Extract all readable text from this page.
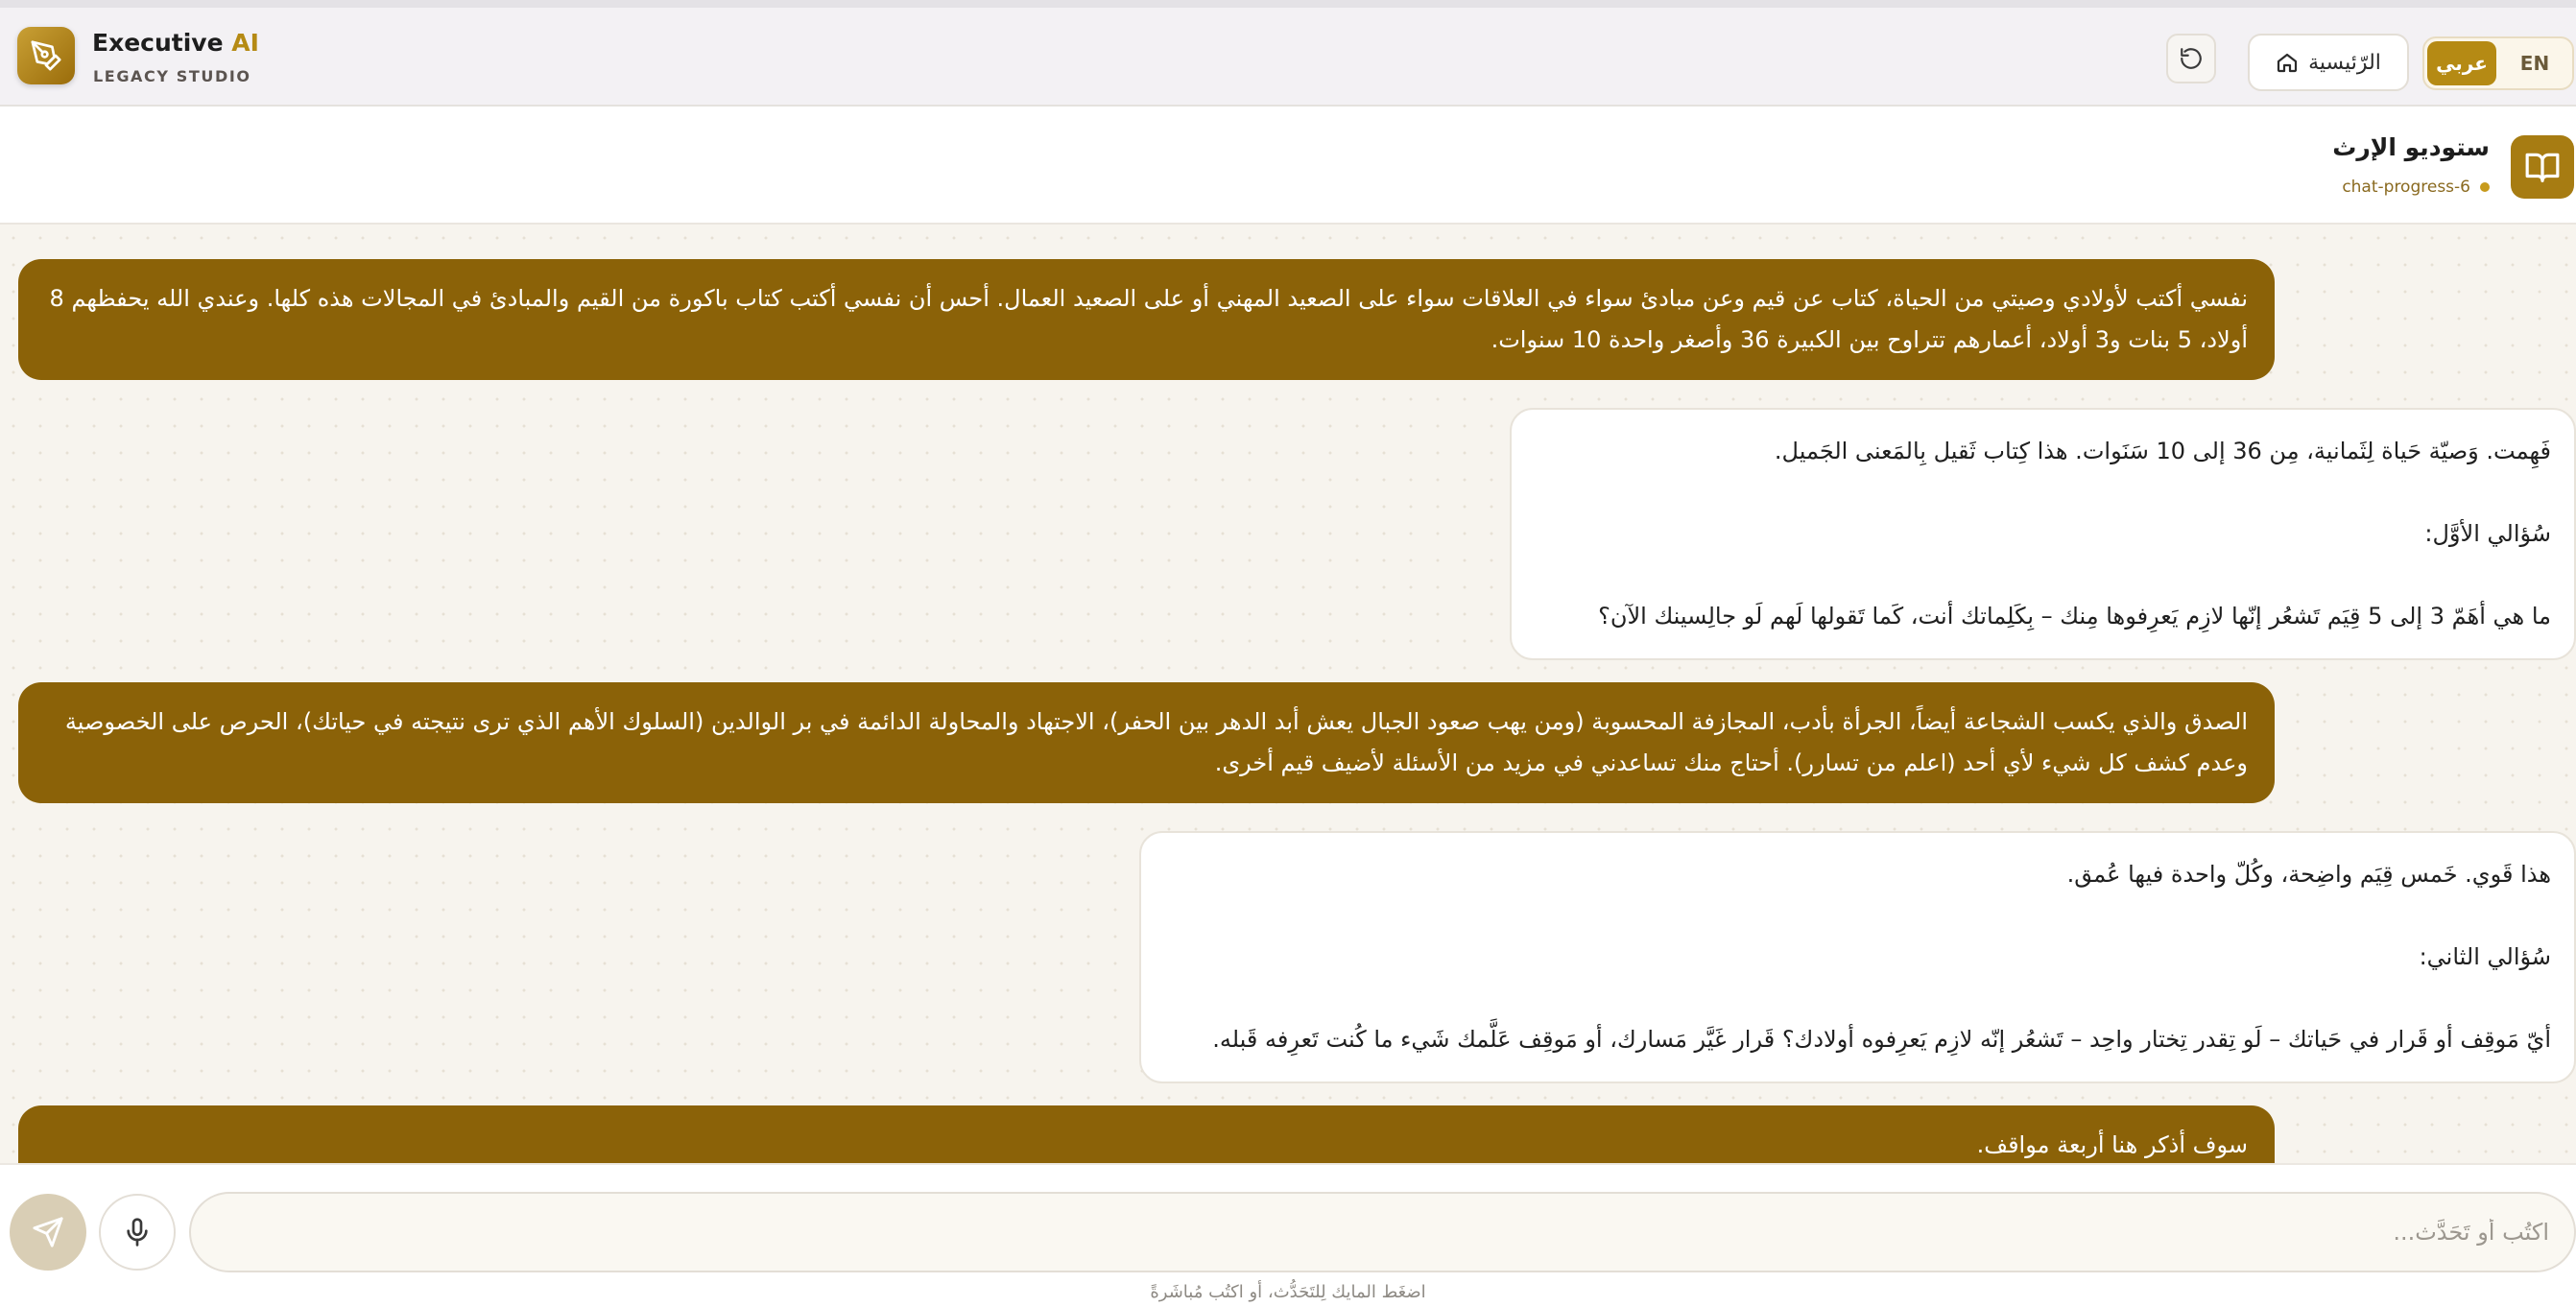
Executive AI
LEGACY STUDIO
الرّئيسية	عربي	EN
ستوديو الإرث
chat-progress-6
نفسي أكتب لأولادي وصيتي من الحياة، كتاب عن قيم وعن مبادئ سواء في العلاقات سواء على الصعيد المهني أو على الصعيد العمال. أحس أن نفسي أكتب كتاب باكورة من القيم والمبادئ في المجالات هذه كلها. وعندي الله يحفظهم 8 أولاد، 5 بنات و3 أولاد، أعمارهم تتراوح بين الكبيرة 36 وأصغر واحدة 10 سنوات.
فَهِمت. وَصيّة حَياة لِثَمانية، مِن 36 إلى 10 سَنَوات. هذا كِتاب ثَقيل بِالمَعنى الجَميل.

سُؤالي الأوَّل:

ما هي أهَمّ 3 إلى 5 قِيَم تَشعُر إنّها لازِم يَعرِفوها مِنك – بِكَلِماتك أنت، كَما تَقولها لَهم لَو جالِسينك الآن؟
الصدق والذي يكسب الشجاعة أيضاً، الجرأة بأدب، المجازفة المحسوبة (ومن يهب صعود الجبال يعش أبد الدهر بين الحفر)، الاجتهاد والمحاولة الدائمة في بر الوالدين (السلوك الأهم الذي ترى نتيجته في حياتك)، الحرص على الخصوصية وعدم كشف كل شيء لأي أحد (اعلم من تسارر). أحتاج منك تساعدني في مزيد من الأسئلة لأضيف قيم أخرى.
هذا قَوي. خَمس قِيَم واضِحة، وكُلّ واحدة فيها عُمق.

سُؤالي الثاني:

أيّ مَوقِف أو قَرار في حَياتك – لَو تِقدر تِختار واحِد – تَشعُر إنّه لازِم يَعرِفوه أولادك؟ قَرار غَيَّر مَسارك، أو مَوقِف عَلَّمك شَيء ما كُنت تَعرِفه قَبله.
سوف أذكر هنا أربعة مواقف.
اكتُب أو تَحَدَّث...
اضغَط المايك لِلتَحَدُّث، أو اكتُب مُباشَرةً
